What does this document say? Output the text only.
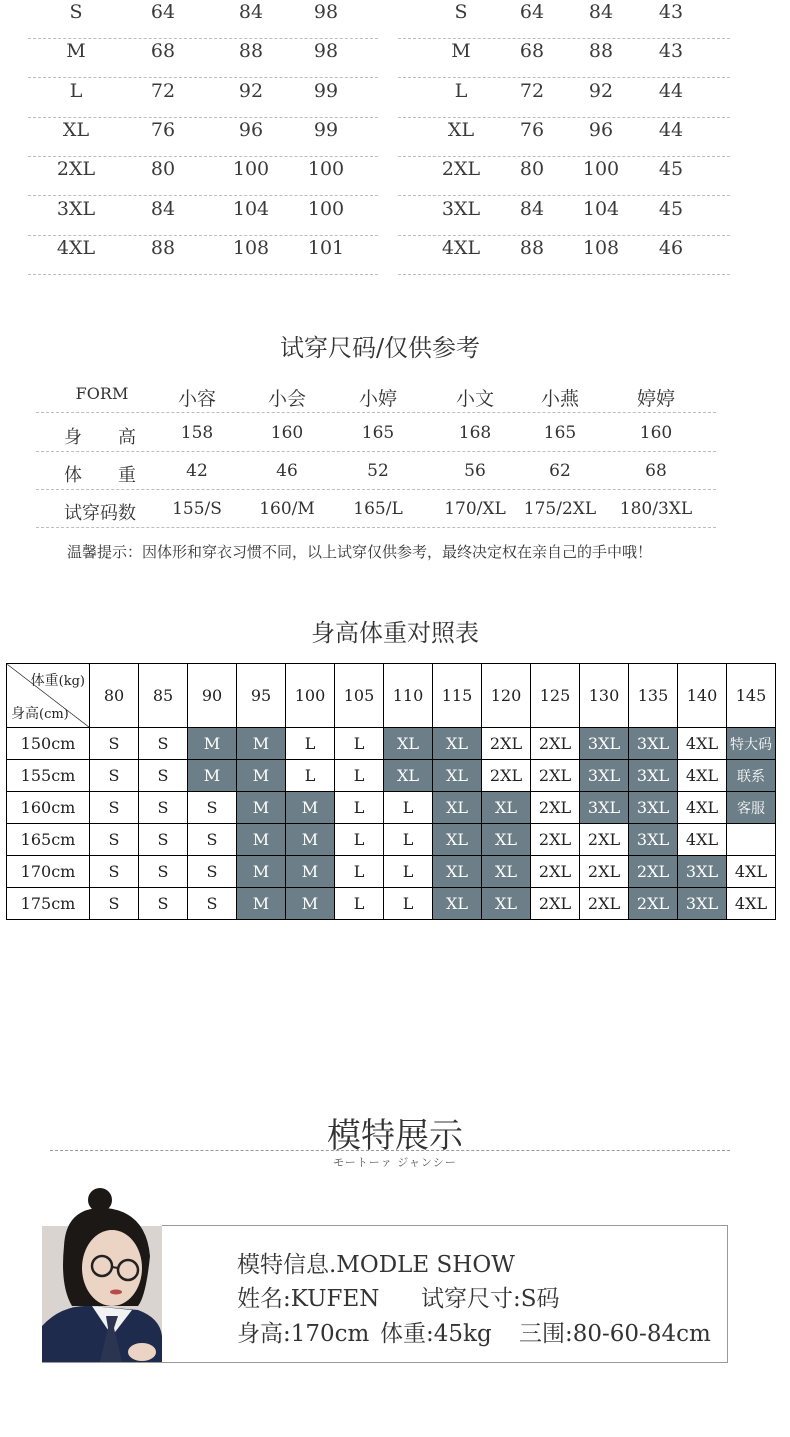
S	64	84	98
M	68	88	98
L	72	92	99
XL	76	96	99
2XL	80	100	100
3XL	84	104	100
4XL	88	108	101
S	64	84	43
M	68	88	43
L	72	92	44
XL	76	96	44
2XL	80	100	45
3XL	84	104	45
4XL	88	108	46
试穿尺码/仅供参考
FORM	小容	小会	小婷	小文	小燕	婷婷
身　　高	158	160	165	168	165	160
体　　重	42	46	52	56	62	68
试穿码数	155/S	160/M	165/L	170/XL	175/2XL	180/3XL
温馨提示：因体形和穿衣习惯不同，以上试穿仅供参考，最终决定权在亲自己的手中哦！
身高体重对照表
体重(kg)
身高(cm)	80	85	90	95	100	105	110	115	120	125	130	135	140	145
150cm	S	S	M	M	L	L	XL	XL	2XL	2XL	3XL	3XL	4XL	特大码
155cm	S	S	M	M	L	L	XL	XL	2XL	2XL	3XL	3XL	4XL	联系
160cm	S	S	S	M	M	L	L	XL	XL	2XL	3XL	3XL	4XL	客服
165cm	S	S	S	M	M	L	L	XL	XL	2XL	2XL	3XL	4XL	
170cm	S	S	S	M	M	L	L	XL	XL	2XL	2XL	2XL	3XL	4XL
175cm	S	S	S	M	M	L	L	XL	XL	2XL	2XL	2XL	3XL	4XL
模特展示
モートーァ ジャンシー
模特信息.MODLE SHOW
姓名:KUFEN 试穿尺寸:S码
身高:170cm 体重:45kg 三围:80-60-84cm
